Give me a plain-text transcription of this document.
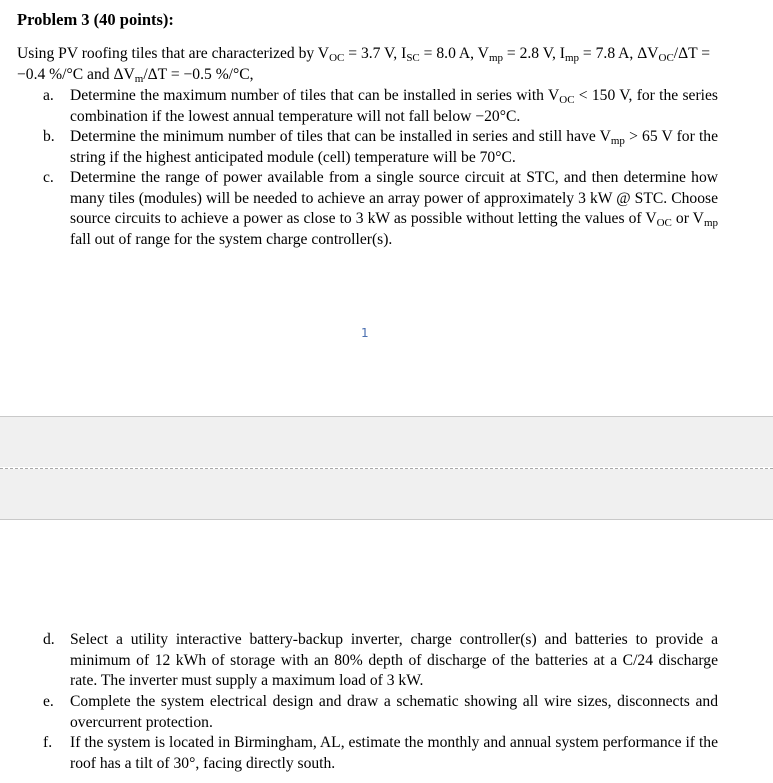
Problem 3 (40 points):
Using PV roofing tiles that are characterized by $V_{OC} = 3.7$ V, $I_{SC} = 8.0$ A, $V_{mp} = 2.8$ V, $I_{mp} = 7.8$ A, $\Delta V_{OC}/\Delta T = -0.4$ %/°C and $\Delta V_m/\Delta T = -0.5$ %/°C,
a.	Determine the maximum number of tiles that can be installed in series with $V_{OC} < 150$ V, for the series combination if the lowest annual temperature will not fall below −20°C.
b. Determine the minimum number of tiles that can be installed in series and still have $V_{mp} > 65$ V for the string if the highest anticipated module (cell) temperature will be 70°C.
c.	Determine the range of power available from a single source circuit at STC, and then determine how many tiles (modules) will be needed to achieve an array power of approximately 3 kW @ STC. Choose source circuits to achieve a power as close to 3 kW as possible without letting the values of $V_{OC}$ or $V_{mp}$ fall out of range for the system charge controller(s).
1
d. Select a utility interactive battery-backup inverter, charge controller(s) and batteries to provide a minimum of 12 kWh of storage with an 80% depth of discharge of the batteries at a C/24 discharge rate. The inverter must supply a maximum load of 3 kW.
e.	Complete the system electrical design and draw a schematic showing all wire sizes, disconnects and overcurrent protection.
f.	If the system is located in Birmingham, AL, estimate the monthly and annual system performance if the roof has a tilt of 30°, facing directly south.
